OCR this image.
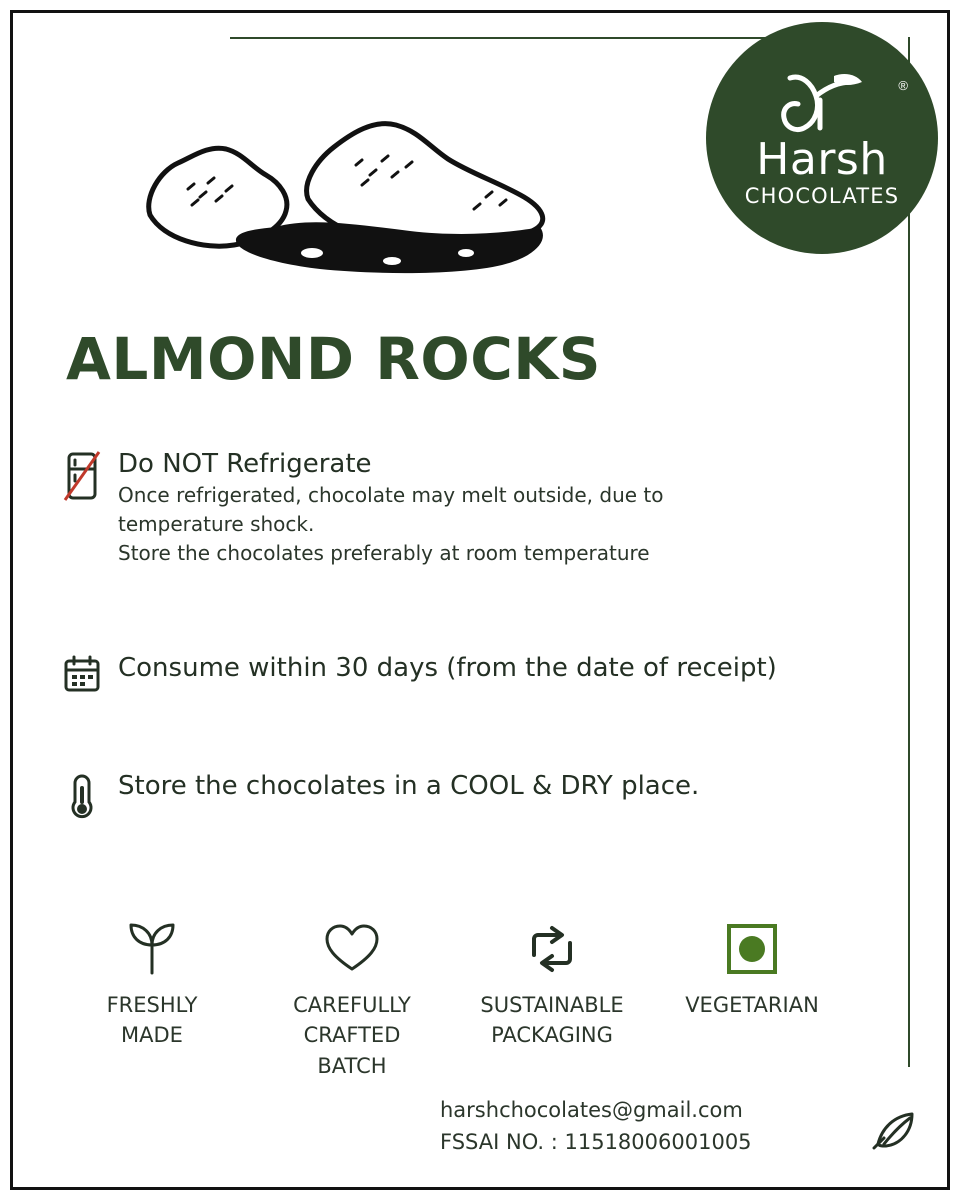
®
Harsh
CHOCOLATES
ALMOND ROCKS
Do NOT Refrigerate
Once refrigerated, chocolate may melt outside, due to
temperature shock.
Store the chocolates preferably at room temperature
Consume within 30 days (from the date of receipt)
Store the chocolates in a COOL & DRY place.
FRESHLY
MADE
CAREFULLY
CRAFTED
BATCH
SUSTAINABLE
PACKAGING
VEGETARIAN
harshchocolates@gmail.com
FSSAI NO. : 11518006001005
